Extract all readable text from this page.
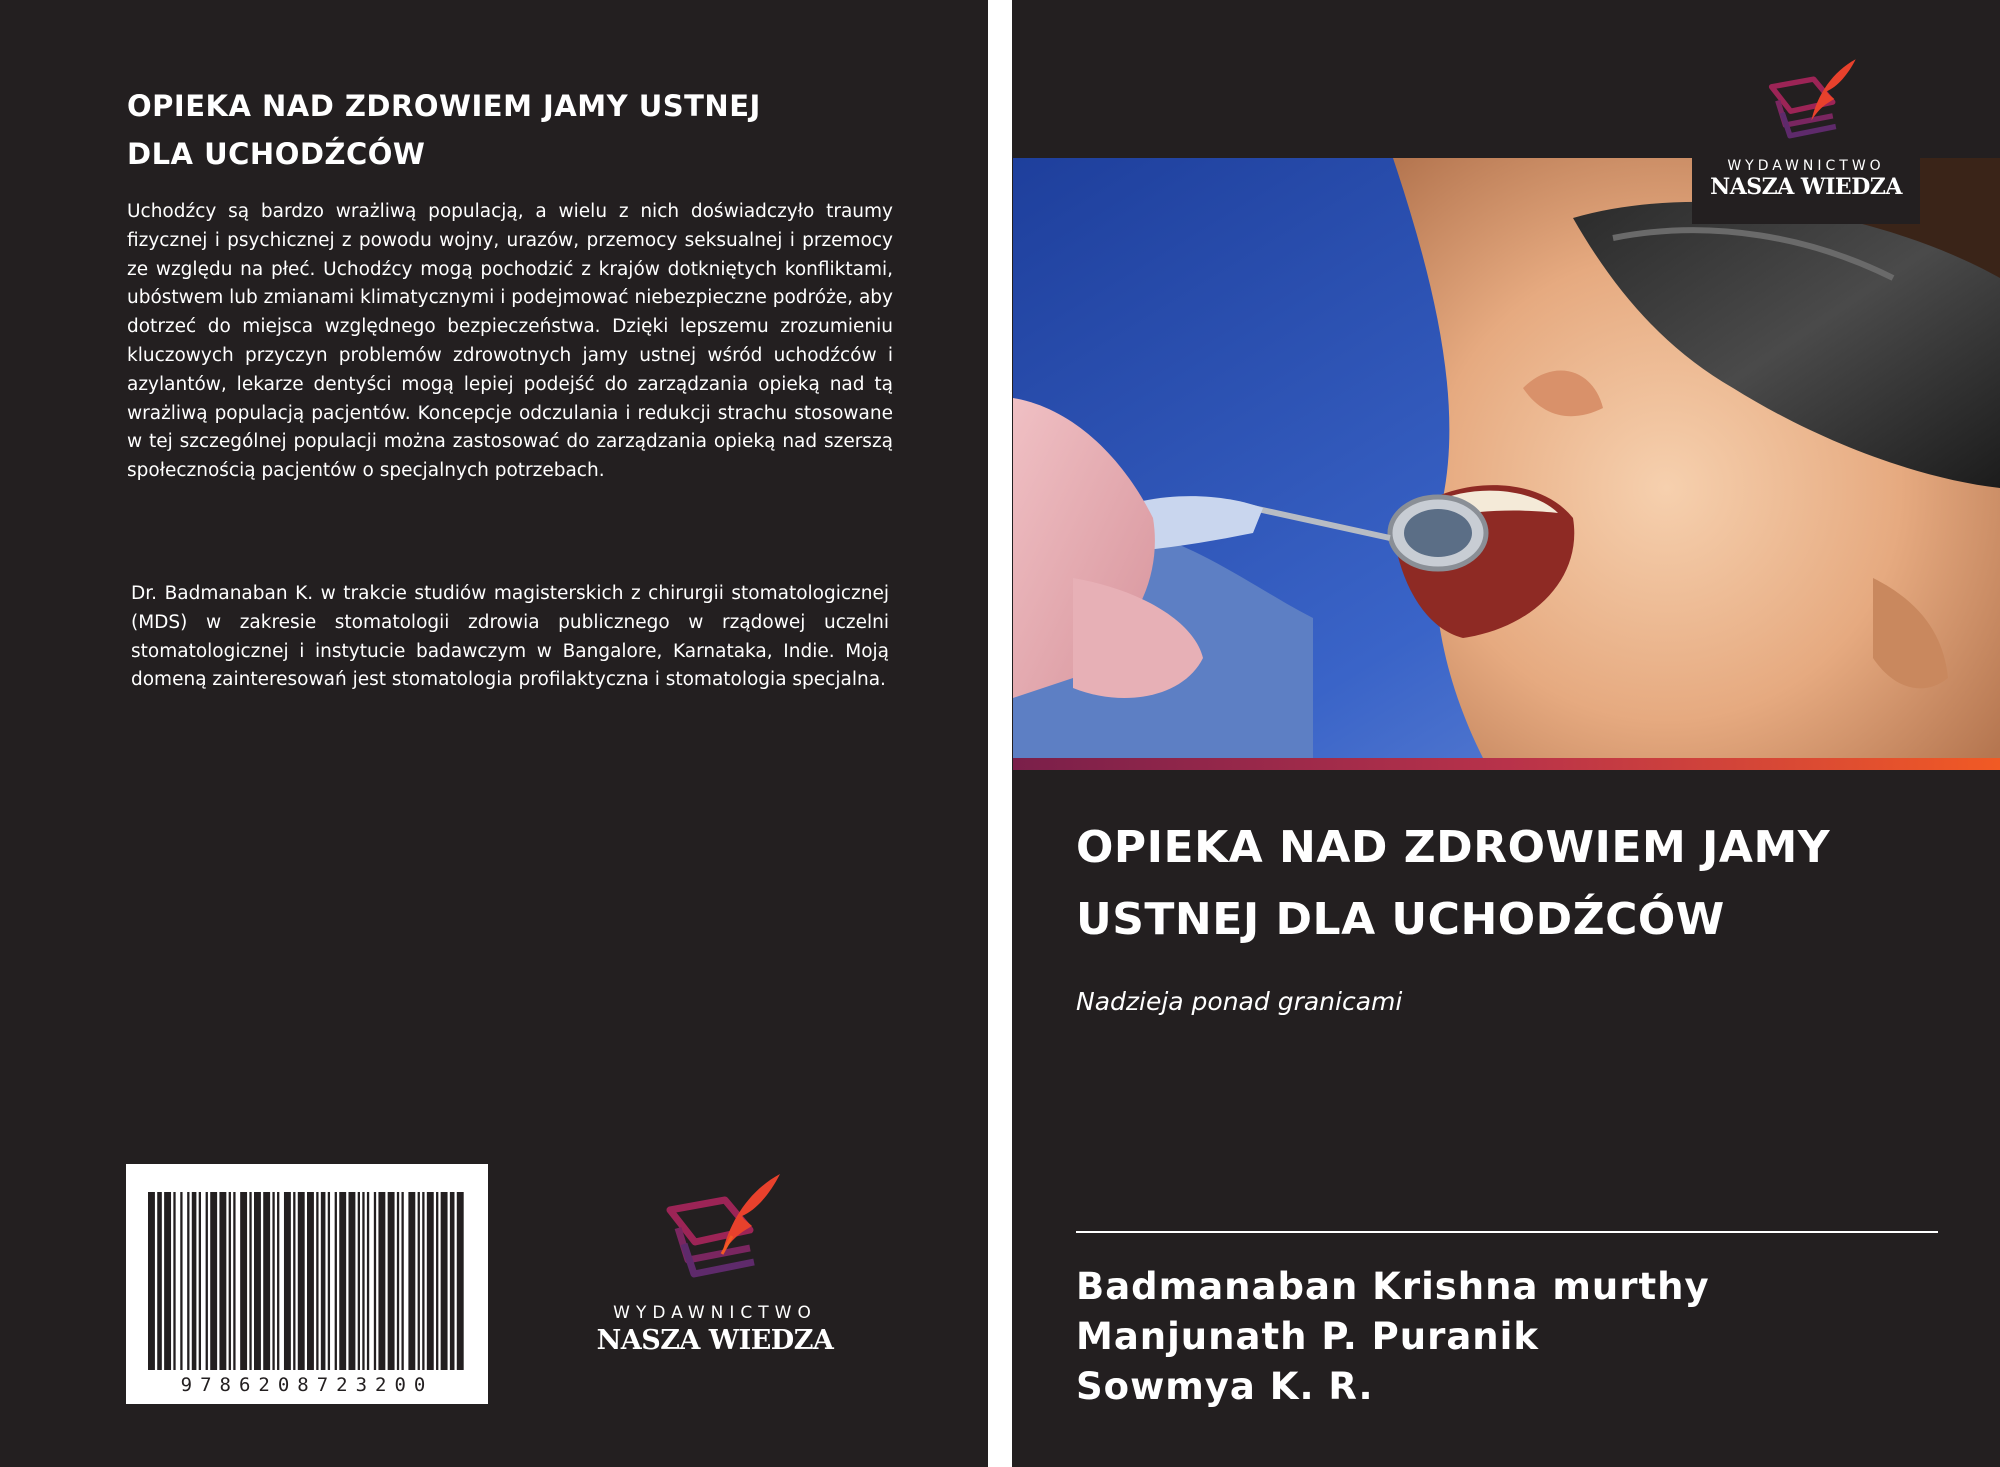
OPIEKA NAD ZDROWIEM JAMY USTNEJ
DLA UCHODŹCÓW

Uchodźcy są bardzo wrażliwą populacją, a wielu z nich doświadczyło traumy fizycznej i psychicznej z powodu wojny, urazów, przemocy seksualnej i przemocy ze względu na płeć. Uchodźcy mogą pochodzić z krajów dotkniętych konfliktami, ubóstwem lub zmianami klimatycznymi i podejmować niebezpieczne podróże, aby dotrzeć do miejsca względnego bezpieczeństwa. Dzięki lepszemu zrozumieniu kluczowych przyczyn problemów zdrowotnych jamy ustnej wśród uchodźców i azylantów, lekarze dentyści mogą lepiej podejść do zarządzania opieką nad tą wrażliwą populacją pacjentów. Koncepcje odczulania i redukcji strachu stosowane w tej szczególnej populacji można zastosować do zarządzania opieką nad szerszą społecznością pacjentów o specjalnych potrzebach.

Dr. Badmanaban K. w trakcie studiów magisterskich z chirurgii stomatologicznej (MDS) w zakresie stomatologii zdrowia publicznego w rządowej uczelni stomatologicznej i instytucie badawczym w Bangalore, Karnataka, Indie. Moją domeną zainteresowań jest stomatologia profilaktyczna i stomatologia specjalna.

9786208723200
WYDAWNICTWO
NASZA WIEDZA
WYDAWNICTWO
NASZA WIEDZA
OPIEKA NAD ZDROWIEM JAMY
USTNEJ DLA UCHODŹCÓW
Nadzieja ponad granicami
Badmanaban Krishna murthy
Manjunath P. Puranik
Sowmya K. R.
